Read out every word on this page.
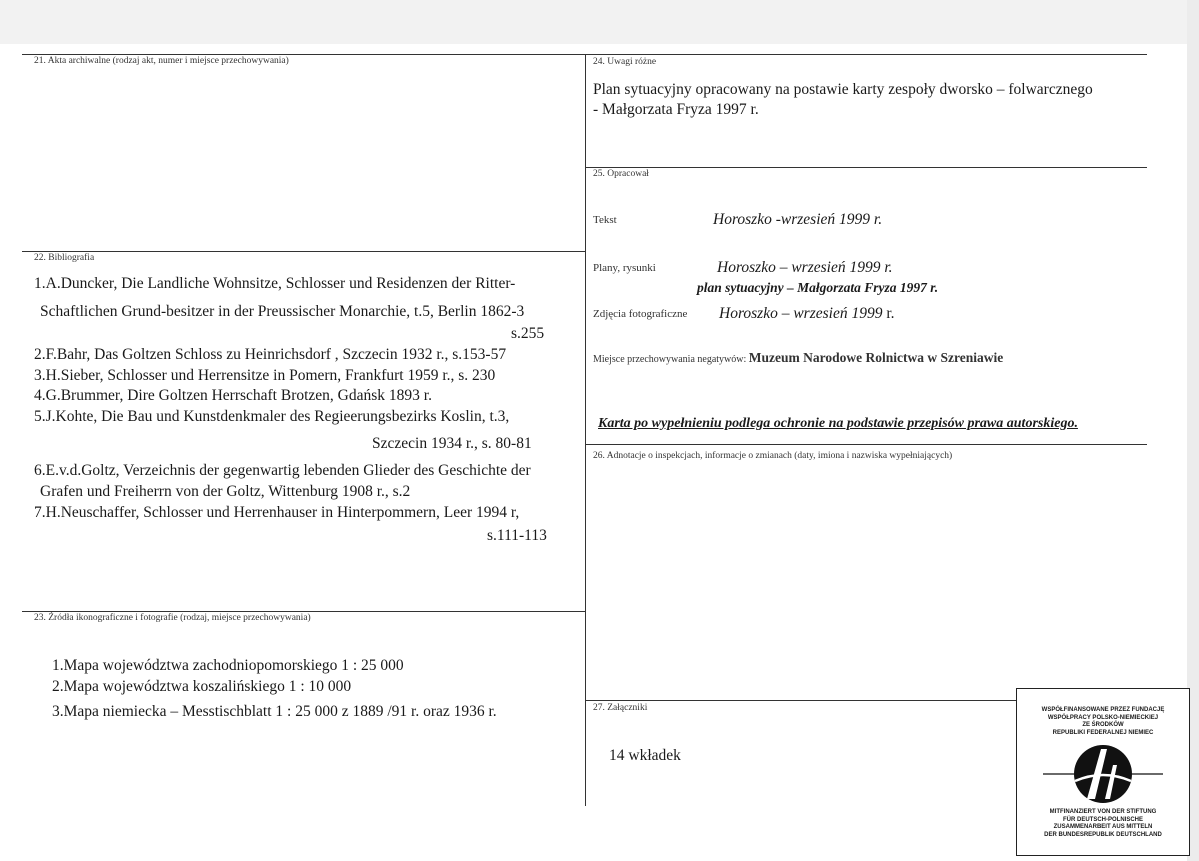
21. Akta archiwalne (rodzaj akt, numer i miejsce przechowywania)
22. Bibliografia
1.A.Duncker, Die Landliche Wohnsitze, Schlosser und Residenzen der Ritter-
Schaftlichen Grund-besitzer in der Preussischer Monarchie, t.5, Berlin 1862-3
s.255
2.F.Bahr, Das Goltzen Schloss zu Heinrichsdorf , Szczecin 1932 r., s.153-57
3.H.Sieber, Schlosser und Herrensitze in Pomern, Frankfurt 1959 r., s. 230
4.G.Brummer, Dire Goltzen Herrschaft Brotzen, Gdańsk 1893 r.
5.J.Kohte, Die Bau und Kunstdenkmaler des Regieerungsbezirks Koslin, t.3,
Szczecin 1934 r., s. 80-81
6.E.v.d.Goltz, Verzeichnis der gegenwartig lebenden Glieder des Geschichte der
Grafen und Freiherrn von der Goltz, Wittenburg 1908 r., s.2
7.H.Neuschaffer, Schlosser und Herrenhauser in Hinterpommern, Leer 1994 r,
s.111-113
23. Źródła ikonograficzne i fotografie (rodzaj, miejsce przechowywania)
1.Mapa województwa zachodniopomorskiego 1 : 25 000
2.Mapa województwa koszalińskiego 1 : 10 000
3.Mapa niemiecka – Messtischblatt 1 : 25 000 z 1889 /91 r. oraz 1936 r.
24. Uwagi różne
Plan sytuacyjny opracowany na postawie karty zespoły dworsko – folwarcznego
- Małgorzata Fryza 1997 r.
25. Opracował
Tekst	Horoszko -wrzesień 1999 r.
Plany, rysunki	Horoszko – wrzesień 1999 r.
plan sytuacyjny – Małgorzata Fryza 1997 r.
Zdjęcia fotograficzne Horoszko – wrzesień 1999 r.
Miejsce przechowywania negatywów: Muzeum Narodowe Rolnictwa w Szreniawie
Karta po wypełnieniu podlega ochronie na podstawie przepisów prawa autorskiego.
26. Adnotacje o inspekcjach, informacje o zmianach (daty, imiona i nazwiska wypełniających)
27. Załączniki
14 wkładek
WSPÓŁFINANSOWANE PRZEZ FUNDACJĘ
WSPÓŁPRACY POLSKO-NIEMIECKIEJ
ZE ŚRODKÓW
REPUBLIKI FEDERALNEJ NIEMIEC
MITFINANZIERT VON DER STIFTUNG
FÜR DEUTSCH-POLNISCHE
ZUSAMMENARBEIT AUS MITTELN
DER BUNDESREPUBLIK DEUTSCHLAND
